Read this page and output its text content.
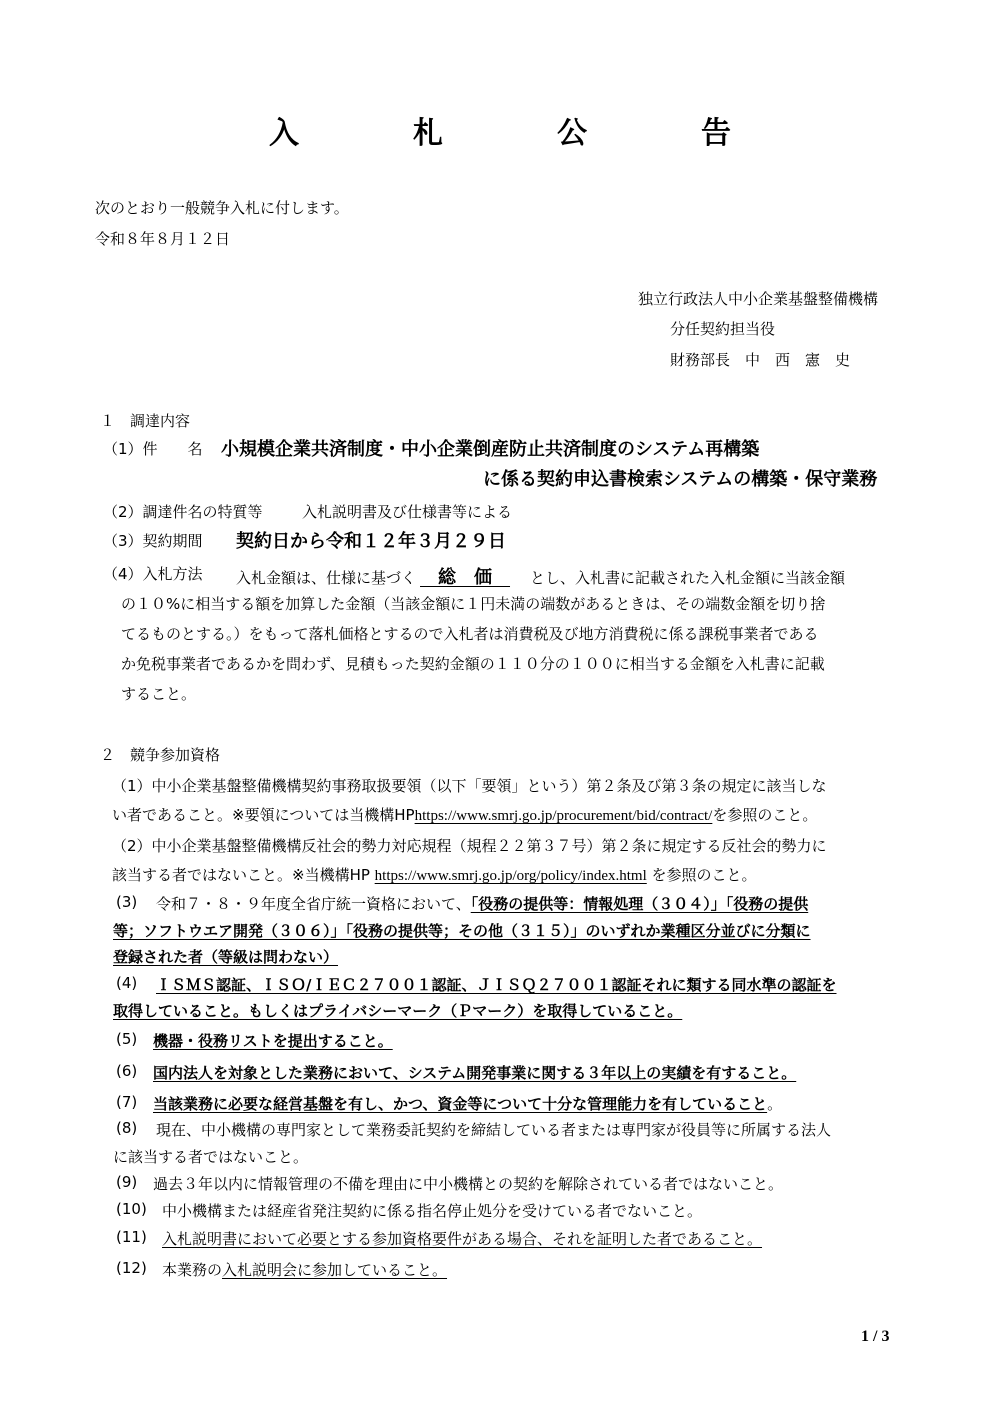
入　札　公　告
次のとおり一般競争入札に付します。
令和８年８月１２日
独立行政法人中小企業基盤整備機構
分任契約担当役
財務部長　中　西　憲　史
１　調達内容
（1）件　　名 小規模企業共済制度・中小企業倒産防止共済制度のシステム再構築
に係る契約申込書検索システムの構築・保守業務
（2）調達件名の特質等	入札説明書及び仕様書等による
（3）契約期間 契約日から令和１２年３月２９日
（4）入札方法 入札金額は、仕様に基づく　総　価　とし、入札書に記載された入札金額に当該金額
の１０%に相当する額を加算した金額（当該金額に１円未満の端数があるときは、その端数金額を切り捨
てるものとする。）をもって落札価格とするので入札者は消費税及び地方消費税に係る課税事業者である
か免税事業者であるかを問わず、見積もった契約金額の１１０分の１００に相当する金額を入札書に記載
すること。
２　競争参加資格
（1）中小企業基盤整備機構契約事務取扱要領（以下「要領」という）第２条及び第３条の規定に該当しな
い者であること。※要領については当機構HPhttps://www.smrj.go.jp/procurement/bid/contract/を参照のこと。
（2）中小企業基盤整備機構反社会的勢力対応規程（規程２２第３７号）第２条に規定する反社会的勢力に
該当する者ではないこと。※当機構HP https://www.smrj.go.jp/org/policy/index.html を参照のこと。
(3) 令和７・８・９年度全省庁統一資格において、「役務の提供等：情報処理（３０４）」「役務の提供
等；ソフトウエア開発（３０６）」「役務の提供等；その他（３１５）」のいずれか業種区分並びに分類に
登録された者（等級は問わない）
(4) ＩＳＭＳ認証、ＩＳＯ/ＩＥＣ２７００１認証、ＪＩＳＱ２７００１認証それに類する同水準の認証を
取得していること。もしくはプライバシーマーク（Ｐマーク）を取得していること。
(5) 機器・役務リストを提出すること。
(6) 国内法人を対象とした業務において、システム開発事業に関する３年以上の実績を有すること。
(7) 当該業務に必要な経営基盤を有し、かつ、資金等について十分な管理能力を有していること。
(8) 現在、中小機構の専門家として業務委託契約を締結している者または専門家が役員等に所属する法人
に該当する者ではないこと。
(9) 過去３年以内に情報管理の不備を理由に中小機構との契約を解除されている者ではないこと。
(10) 中小機構または経産省発注契約に係る指名停止処分を受けている者でないこと。
(11) 入札説明書において必要とする参加資格要件がある場合、それを証明した者であること。
(12) 本業務の入札説明会に参加していること。
1 / 3
